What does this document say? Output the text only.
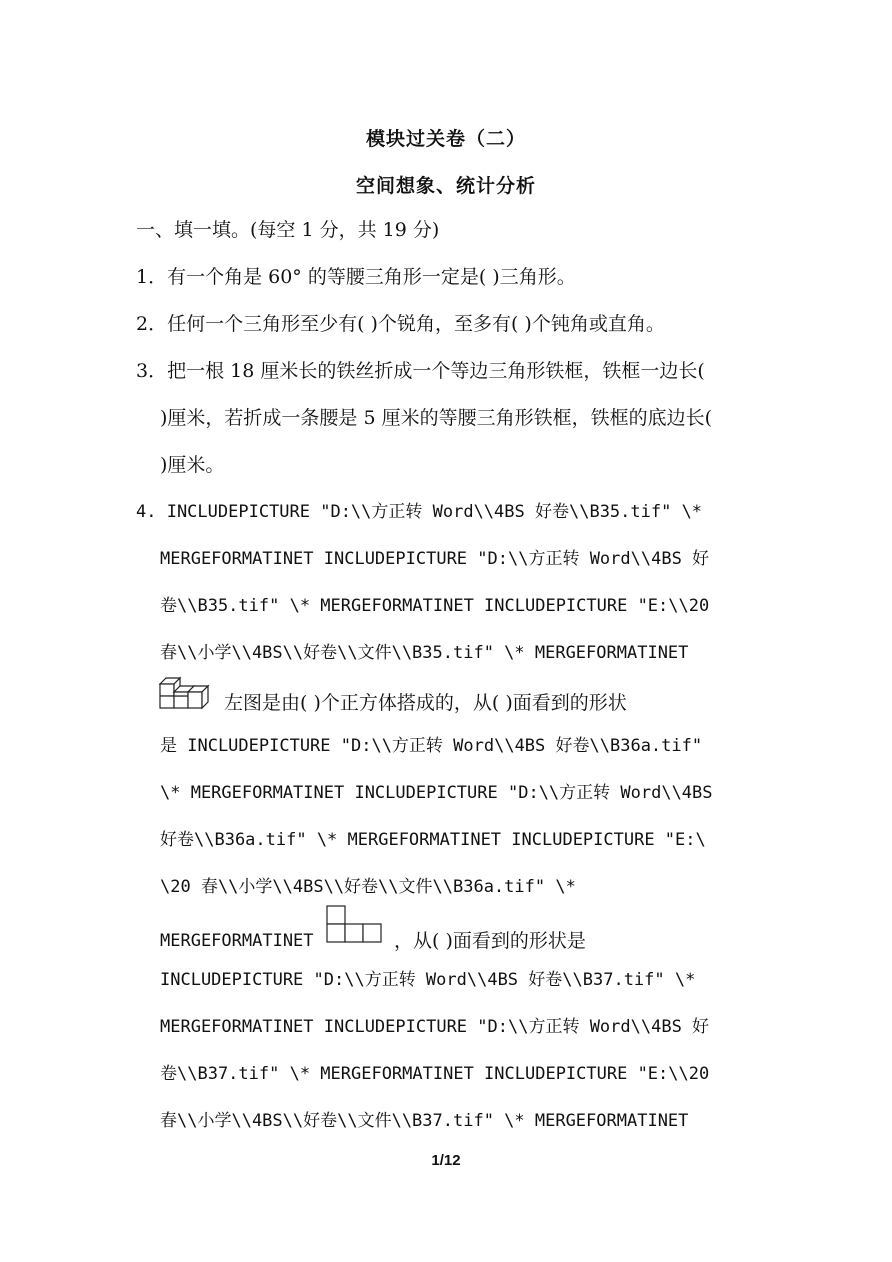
模块过关卷（二）
空间想象、统计分析
一、填一填。(每空 1 分，共 19 分)
1．有一个角是 60° 的等腰三角形一定是( )三角形。
2．任何一个三角形至少有( )个锐角，至多有( )个钝角或直角。
3．把一根 18 厘米长的铁丝折成一个等边三角形铁框，铁框一边长(
)厘米，若折成一条腰是 5 厘米的等腰三角形铁框，铁框的底边长(
)厘米。
4. INCLUDEPICTURE "D:\\方正转 Word\\4BS 好卷\\B35.tif" \*
MERGEFORMATINET INCLUDEPICTURE "D:\\方正转 Word\\4BS 好
卷\\B35.tif" \* MERGEFORMATINET INCLUDEPICTURE "E:\\20
春\\小学\\4BS\\好卷\\文件\\B35.tif" \* MERGEFORMATINET
左图是由( )个正方体搭成的，从( )面看到的形状
是 INCLUDEPICTURE "D:\\方正转 Word\\4BS 好卷\\B36a.tif"
\* MERGEFORMATINET INCLUDEPICTURE "D:\\方正转 Word\\4BS
好卷\\B36a.tif" \* MERGEFORMATINET INCLUDEPICTURE "E:\
\20 春\\小学\\4BS\\好卷\\文件\\B36a.tif" \*
MERGEFORMATINET	，从( )面看到的形状是
INCLUDEPICTURE "D:\\方正转 Word\\4BS 好卷\\B37.tif" \*
MERGEFORMATINET INCLUDEPICTURE "D:\\方正转 Word\\4BS 好
卷\\B37.tif" \* MERGEFORMATINET INCLUDEPICTURE "E:\\20
春\\小学\\4BS\\好卷\\文件\\B37.tif" \* MERGEFORMATINET
1/12
